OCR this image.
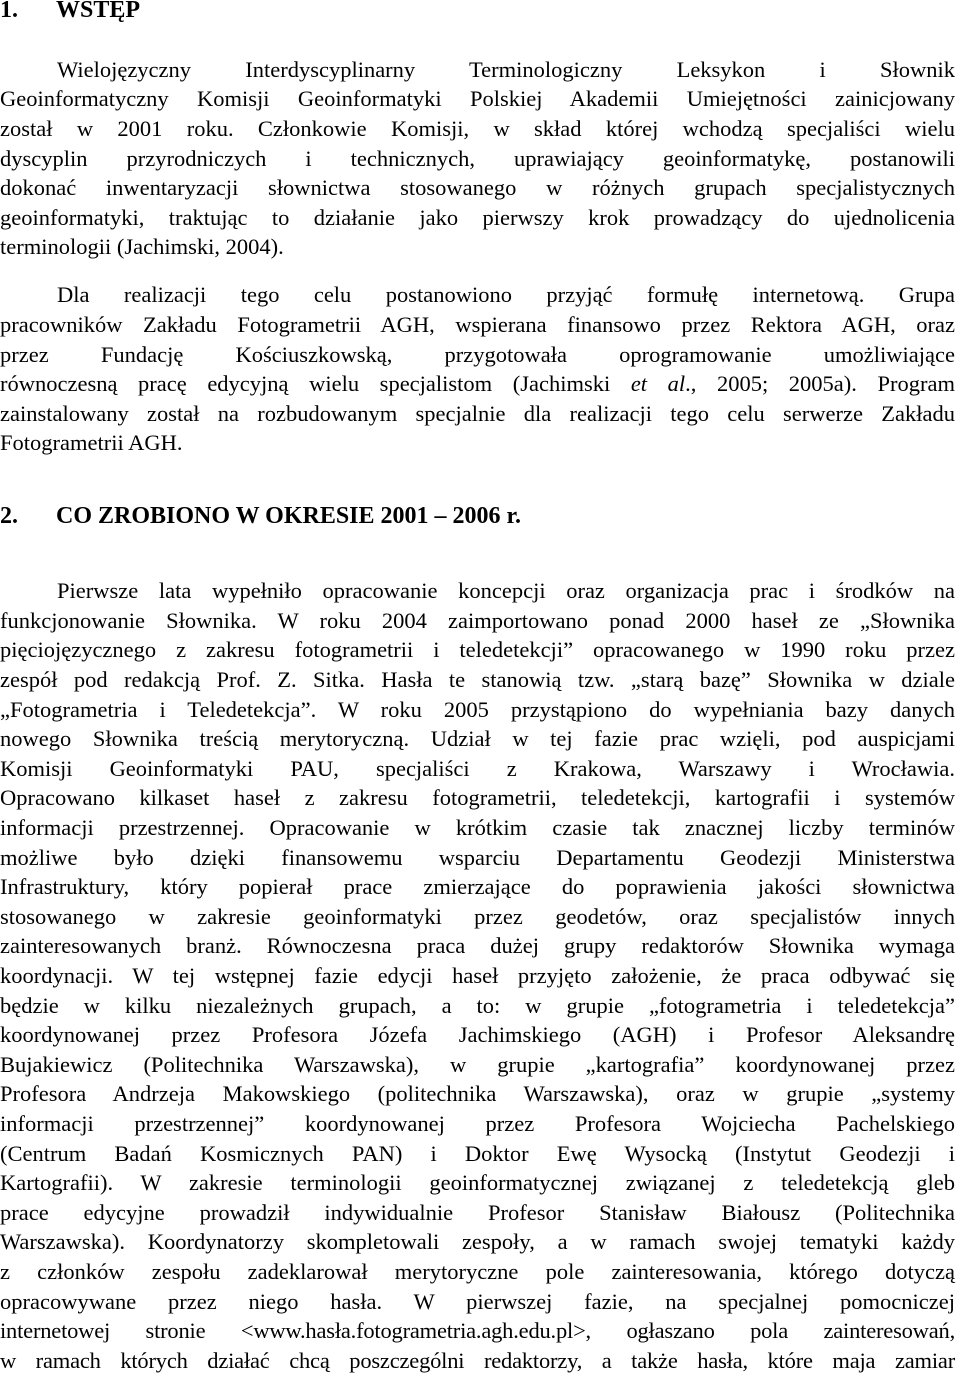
1. WSTĘP
Wielojęzyczny Interdyscyplinarny Terminologiczny Leksykon i Słownik
Geoinformatyczny Komisji Geoinformatyki Polskiej Akademii Umiejętności zainicjowany
został w 2001 roku. Członkowie Komisji, w skład której wchodzą specjaliści wielu
dyscyplin przyrodniczych i technicznych, uprawiający geoinformatykę, postanowili
dokonać inwentaryzacji słownictwa stosowanego w różnych grupach specjalistycznych
geoinformatyki, traktując to działanie jako pierwszy krok prowadzący do ujednolicenia
terminologii (Jachimski, 2004).
Dla realizacji tego celu postanowiono przyjąć formułę internetową. Grupa
pracowników Zakładu Fotogrametrii AGH, wspierana finansowo przez Rektora AGH, oraz
przez Fundację Kościuszkowską, przygotowała oprogramowanie umożliwiające
równoczesną pracę edycyjną wielu specjalistom (Jachimski et al., 2005; 2005a). Program
zainstalowany został na rozbudowanym specjalnie dla realizacji tego celu serwerze Zakładu
Fotogrametrii AGH.
2. CO ZROBIONO W OKRESIE 2001 – 2006 r.
Pierwsze lata wypełniło opracowanie koncepcji oraz organizacja prac i środków na
funkcjonowanie Słownika. W roku 2004 zaimportowano ponad 2000 haseł ze „Słownika
pięciojęzycznego z zakresu fotogrametrii i teledetekcji” opracowanego w 1990 roku przez
zespół pod redakcją Prof. Z. Sitka. Hasła te stanowią tzw. „starą bazę” Słownika w dziale
„Fotogrametria i Teledetekcja”. W roku 2005 przystąpiono do wypełniania bazy danych
nowego Słownika treścią merytoryczną. Udział w tej fazie prac wzięli, pod auspicjami
Komisji Geoinformatyki PAU, specjaliści z Krakowa, Warszawy i Wrocławia.
Opracowano kilkaset haseł z zakresu fotogrametrii, teledetekcji, kartografii i systemów
informacji przestrzennej. Opracowanie w krótkim czasie tak znacznej liczby terminów
możliwe było dzięki finansowemu wsparciu Departamentu Geodezji Ministerstwa
Infrastruktury, który popierał prace zmierzające do poprawienia jakości słownictwa
stosowanego w zakresie geoinformatyki przez geodetów, oraz specjalistów innych
zainteresowanych branż. Równoczesna praca dużej grupy redaktorów Słownika wymaga
koordynacji. W tej wstępnej fazie edycji haseł przyjęto założenie, że praca odbywać się
będzie w kilku niezależnych grupach, a to: w grupie „fotogrametria i teledetekcja”
koordynowanej przez Profesora Józefa Jachimskiego (AGH) i Profesor Aleksandrę
Bujakiewicz (Politechnika Warszawska), w grupie „kartografia” koordynowanej przez
Profesora Andrzeja Makowskiego (politechnika Warszawska), oraz w grupie „systemy
informacji przestrzennej” koordynowanej przez Profesora Wojciecha Pachelskiego
(Centrum Badań Kosmicznych PAN) i Doktor Ewę Wysocką (Instytut Geodezji i
Kartografii). W zakresie terminologii geoinformatycznej związanej z teledetekcją gleb
prace edycyjne prowadził indywidualnie Profesor Stanisław Białousz (Politechnika
Warszawska). Koordynatorzy skompletowali zespoły, a w ramach swojej tematyki każdy
z członków zespołu zadeklarował merytoryczne pole zainteresowania, którego dotyczą
opracowywane przez niego hasła. W pierwszej fazie, na specjalnej pomocniczej
internetowej stronie <www.hasła.fotogrametria.agh.edu.pl>, ogłaszano pola zainteresowań,
w ramach których działać chcą poszczególni redaktorzy, a także hasła, które maja zamiar
